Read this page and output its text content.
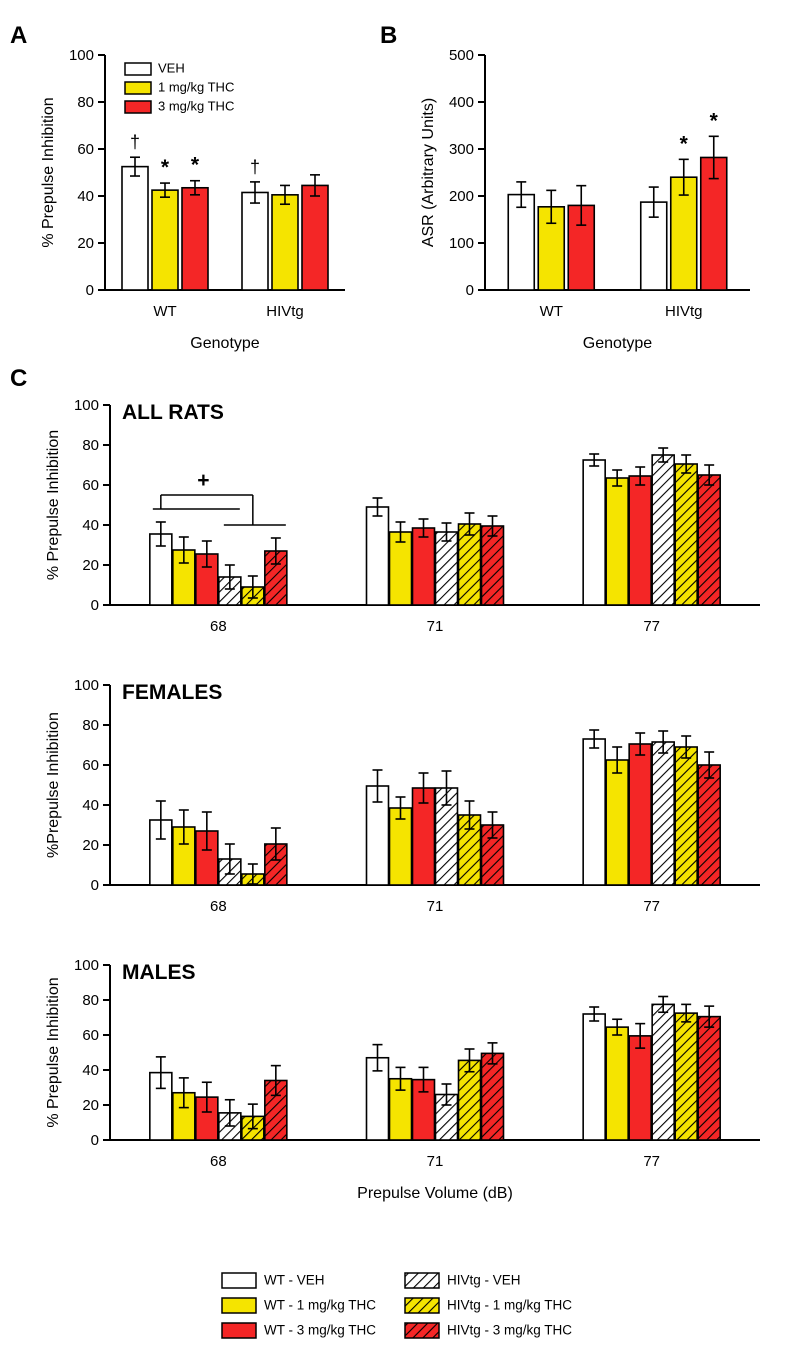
A	B
C
0
20
40
60
80
100
% Prepulse Inhibition	†
* *
WT
†
HIVtg
Genotype
VEH
1 mg/kg THC
3 mg/kg THC
0
100
200
300
400
500
ASR (Arbitrary Units)
WT
*
*
HIVtg
Genotype
0
20
40
60
80
100
% Prepulse Inhibition
68	71	77
ALL RATS
+
0
20
40
60
80
100
%Prepulse Inhibition
68	71	77
FEMALES
0
20
40
60
80
100
% Prepulse Inhibition
68	71	77
Prepulse Volume (dB)
MALES
WT - VEH	HIVtg - VEH
WT - 1 mg/kg THC	HIVtg - 1 mg/kg THC
WT - 3 mg/kg THC	HIVtg - 3 mg/kg THC
